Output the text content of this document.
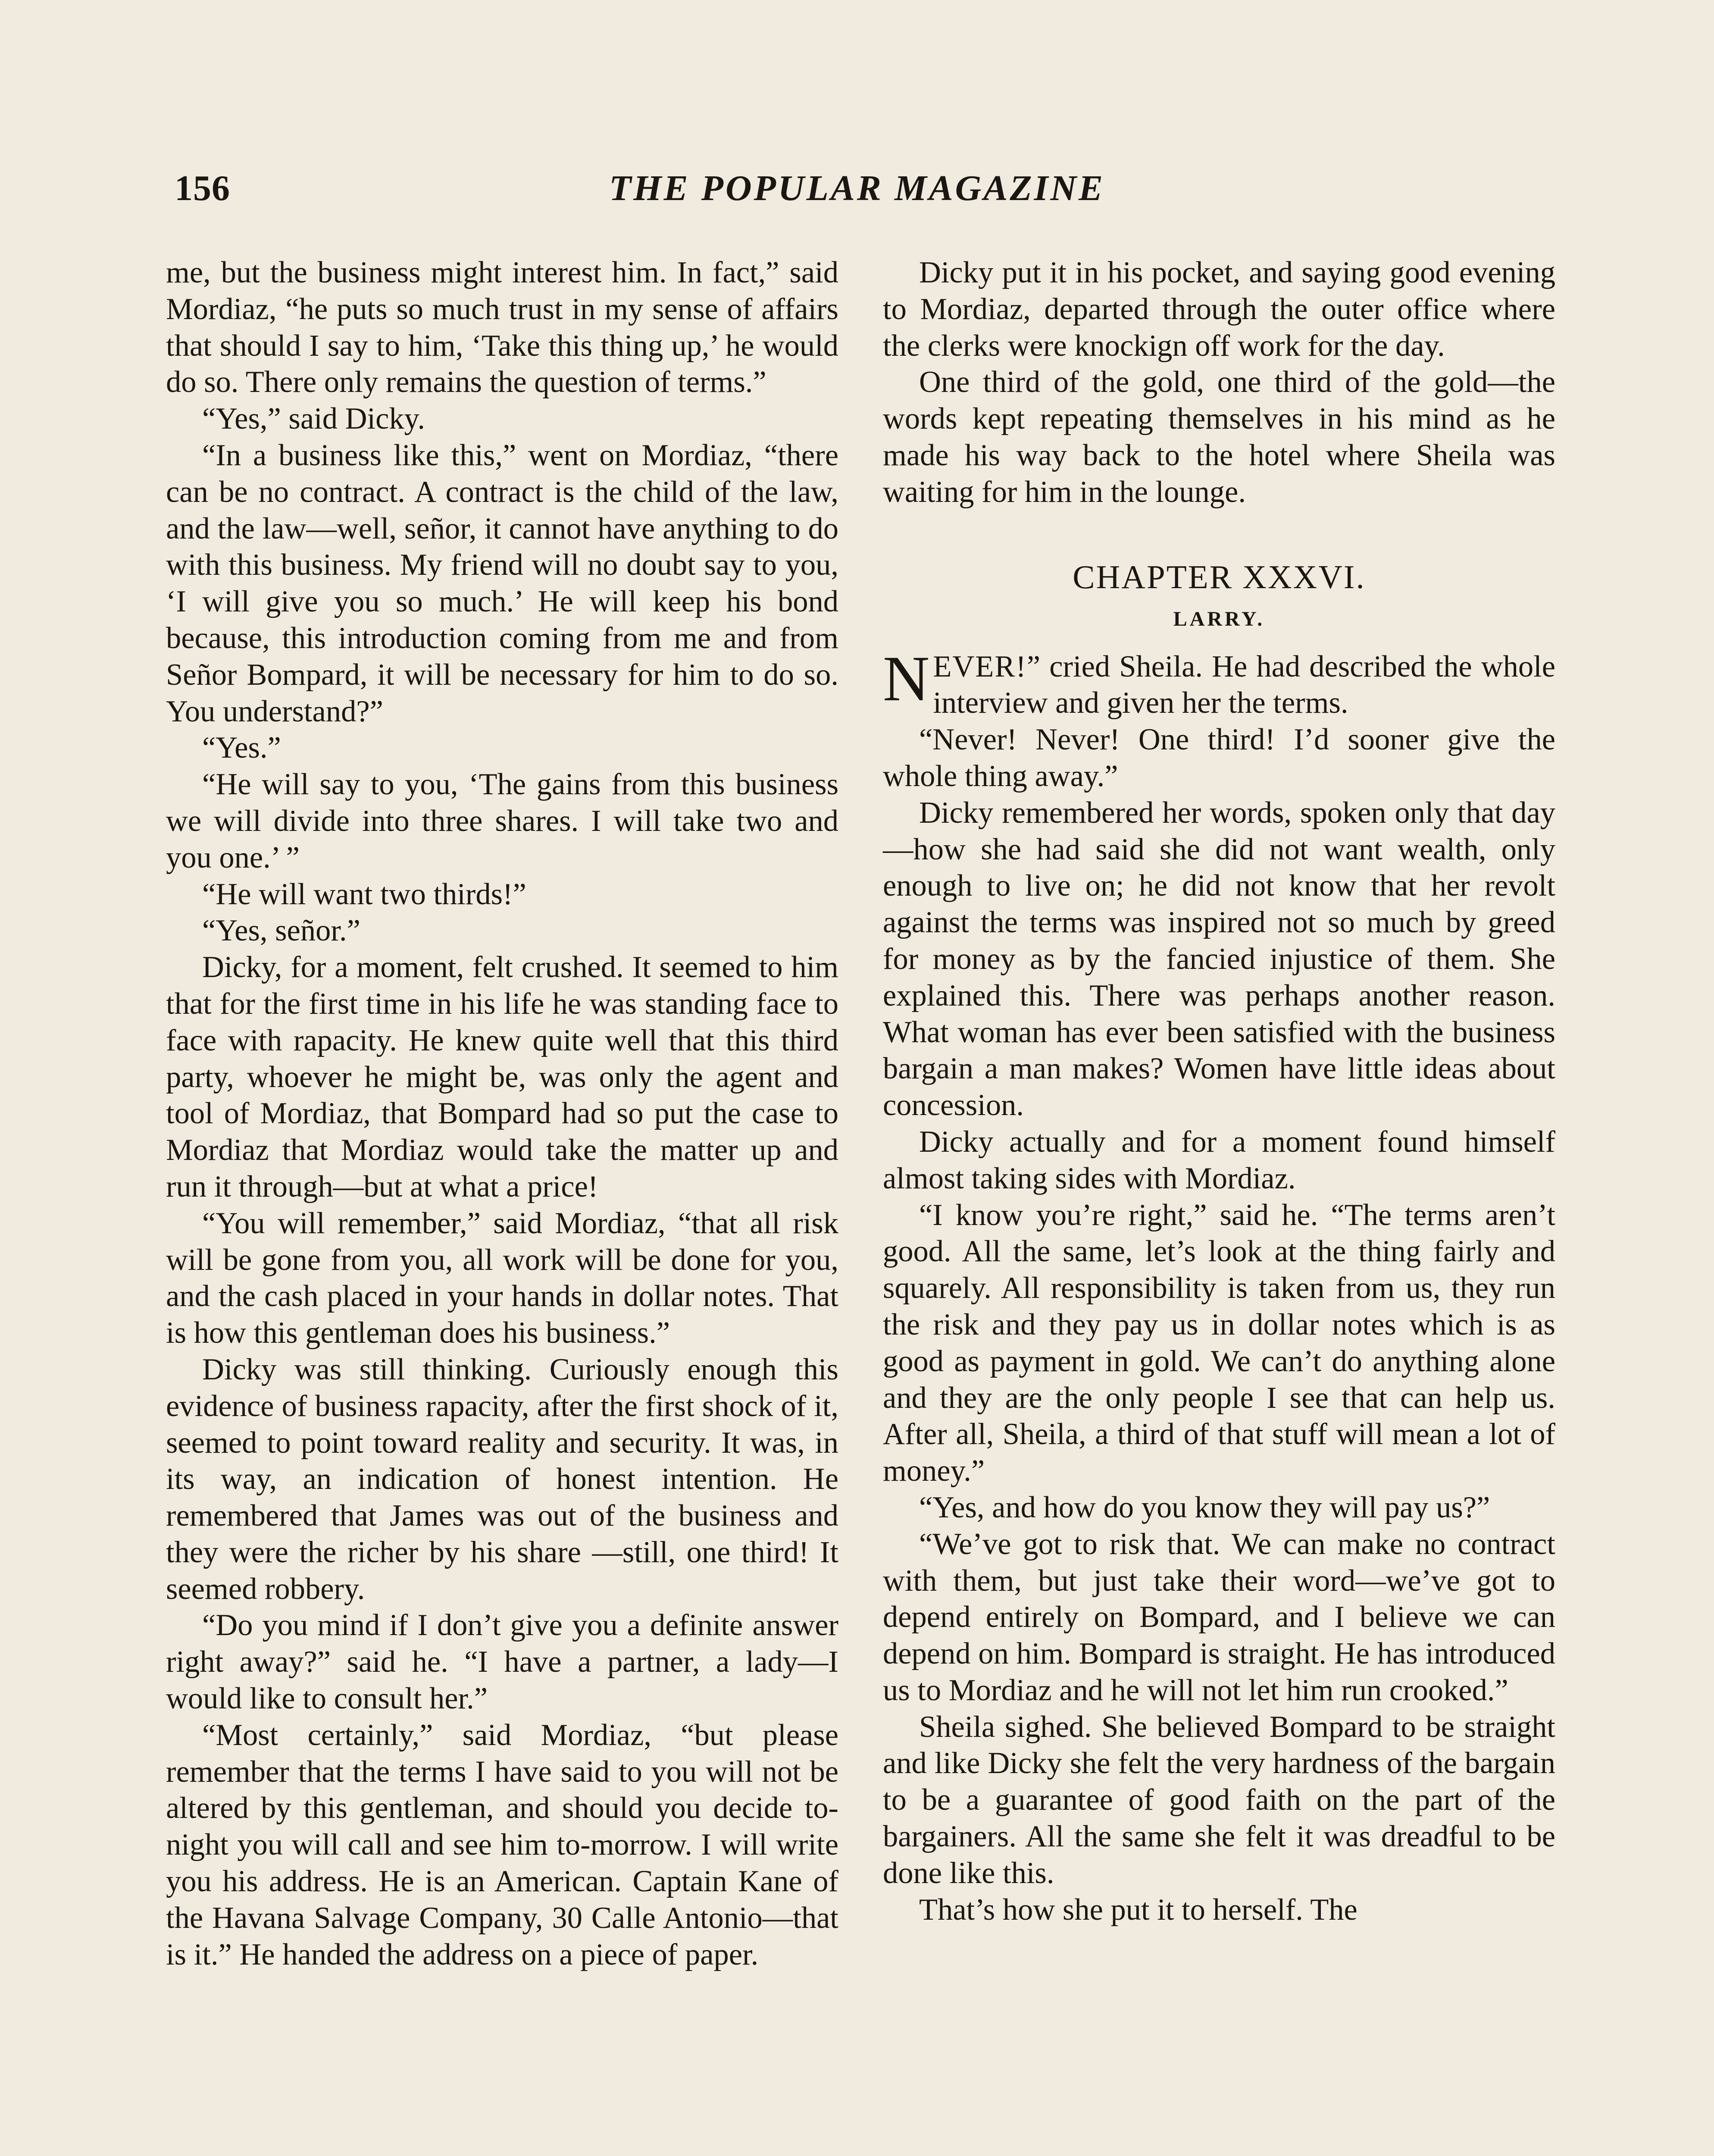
156	THE POPULAR MAGAZINE

me, but the business might interest him. In fact,” said Mordiaz, “he puts so much trust in my sense of affairs that should I say to him, ‘Take this thing up,’ he would do so. There only remains the question of terms.”

“Yes,” said Dicky.

“In a business like this,” went on Mordiaz, “there can be no contract. A contract is the child of the law, and the law—well, señor, it cannot have anything to do with this business. My friend will no doubt say to you, ‘I will give you so much.’ He will keep his bond because, this introduction coming from me and from Señor Bompard, it will be necessary for him to do so. You understand?”

“Yes.”

“He will say to you, ‘The gains from this business we will divide into three shares. I will take two and you one.’ ”

“He will want two thirds!”

“Yes, señor.”

Dicky, for a moment, felt crushed. It seemed to him that for the first time in his life he was standing face to face with rapacity. He knew quite well that this third party, whoever he might be, was only the agent and tool of Mordiaz, that Bompard had so put the case to Mordiaz that Mordiaz would take the matter up and run it through—but at what a price!

“You will remember,” said Mordiaz, “that all risk will be gone from you, all work will be done for you, and the cash placed in your hands in dollar notes. That is how this gentleman does his business.”

Dicky was still thinking. Curiously enough this evidence of business rapacity, after the first shock of it, seemed to point toward reality and security. It was, in its way, an indication of honest intention. He remembered that James was out of the business and they were the richer by his share —still, one third! It seemed robbery.

“Do you mind if I don’t give you a definite answer right away?” said he. “I have a partner, a lady—I would like to consult her.”

“Most certainly,” said Mordiaz, “but please remember that the terms I have said to you will not be altered by this gentleman, and should you decide to-night you will call and see him to-morrow. I will write you his address. He is an American. Captain Kane of the Havana Salvage Company, 30 Calle Antonio—that is it.” He handed the address on a piece of paper.

Dicky put it in his pocket, and saying good evening to Mordiaz, departed through the outer office where the clerks were knockign off work for the day.

One third of the gold, one third of the gold—the words kept repeating themselves in his mind as he made his way back to the hotel where Sheila was waiting for him in the lounge.

CHAPTER XXXVI.
LARRY.

NEVER!” cried Sheila. He had described the whole interview and given her the terms.

“Never! Never! One third! I’d sooner give the whole thing away.”

Dicky remembered her words, spoken only that day—how she had said she did not want wealth, only enough to live on; he did not know that her revolt against the terms was inspired not so much by greed for money as by the fancied injustice of them. She explained this. There was perhaps another reason. What woman has ever been satisfied with the business bargain a man makes? Women have little ideas about concession.

Dicky actually and for a moment found himself almost taking sides with Mordiaz.

“I know you’re right,” said he. “The terms aren’t good. All the same, let’s look at the thing fairly and squarely. All responsibility is taken from us, they run the risk and they pay us in dollar notes which is as good as payment in gold. We can’t do anything alone and they are the only people I see that can help us. After all, Sheila, a third of that stuff will mean a lot of money.”

“Yes, and how do you know they will pay us?”

“We’ve got to risk that. We can make no contract with them, but just take their word—we’ve got to depend entirely on Bompard, and I believe we can depend on him. Bompard is straight. He has introduced us to Mordiaz and he will not let him run crooked.”

Sheila sighed. She believed Bompard to be straight and like Dicky she felt the very hardness of the bargain to be a guarantee of good faith on the part of the bargainers. All the same she felt it was dreadful to be done like this.

That’s how she put it to herself. The
